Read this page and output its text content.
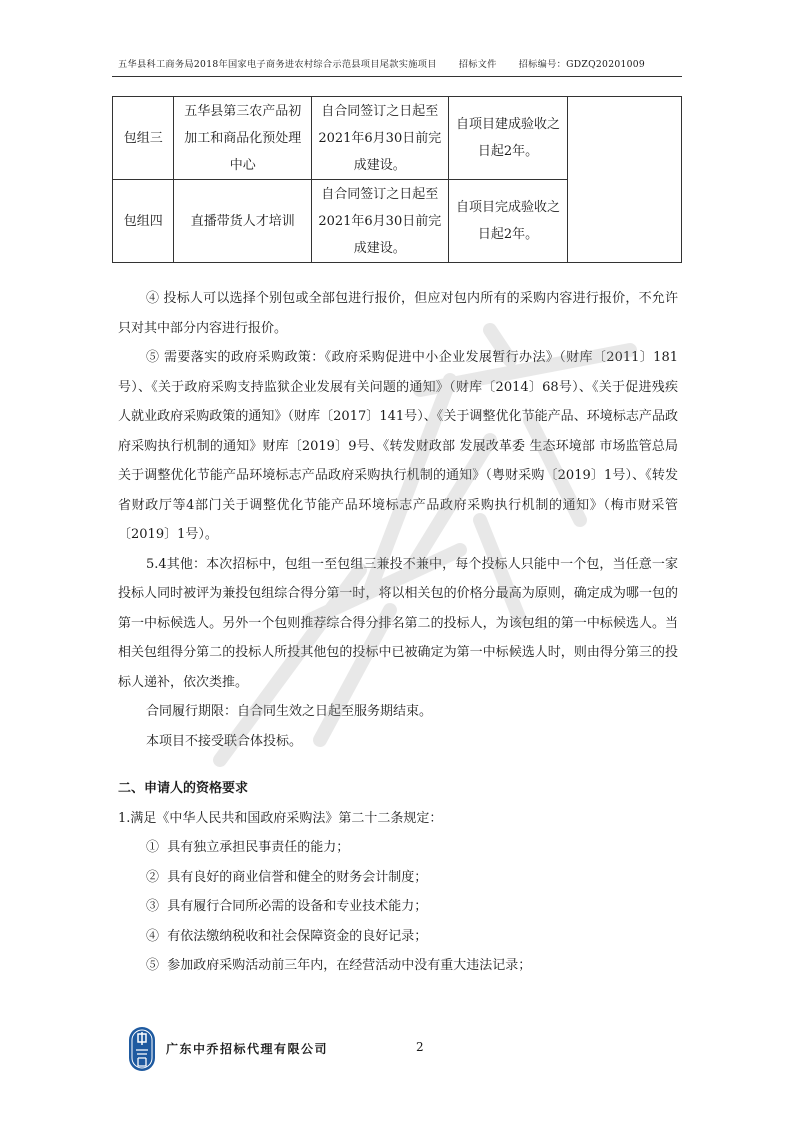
五华县科工商务局2018年国家电子商务进农村综合示范县项目尾款实施项目 招标文件 招标编号：GDZQ20201009
包组三	五华县第三农产品初加工和商品化预处理中心	自合同签订之日起至2021年6月30日前完成建设。	自项目建成验收之日起2年。	
包组四	直播带货人才培训	自合同签订之日起至2021年6月30日前完成建设。	自项目完成验收之日起2年。	

④ 投标人可以选择个别包或全部包进行报价，但应对包内所有的采购内容进行报价，不允许只对其中部分内容进行报价。

⑤ 需要落实的政府采购政策：《政府采购促进中小企业发展暂行办法》（财库〔2011〕181号）、《关于政府采购支持监狱企业发展有关问题的通知》（财库〔2014〕68号）、《关于促进残疾人就业政府采购政策的通知》（财库〔2017〕141号）、《关于调整优化节能产品、环境标志产品政府采购执行机制的通知》财库〔2019〕9号、《转发财政部 发展改革委 生态环境部 市场监管总局关于调整优化节能产品环境标志产品政府采购执行机制的通知》（粤财采购〔2019〕1号）、《转发省财政厅等4部门关于调整优化节能产品环境标志产品政府采购执行机制的通知》（梅市财采管〔2019〕1号）。

5.4其他：本次招标中，包组一至包组三兼投不兼中，每个投标人只能中一个包，当任意一家投标人同时被评为兼投包组综合得分第一时，将以相关包的价格分最高为原则，确定成为哪一包的第一中标候选人。另外一个包则推荐综合得分排名第二的投标人，为该包组的第一中标候选人。当相关包组得分第二的投标人所投其他包的投标中已被确定为第一中标候选人时，则由得分第三的投标人递补，依次类推。

合同履行期限：自合同生效之日起至服务期结束。

本项目不接受联合体投标。

二、申请人的资格要求

1.满足《中华人民共和国政府采购法》第二十二条规定：

① 具有独立承担民事责任的能力；

② 具有良好的商业信誉和健全的财务会计制度；

③ 具有履行合同所必需的设备和专业技术能力；

④ 有依法缴纳税收和社会保障资金的良好记录；

⑤ 参加政府采购活动前三年内，在经营活动中没有重大违法记录；

广东中乔招标代理有限公司	2
